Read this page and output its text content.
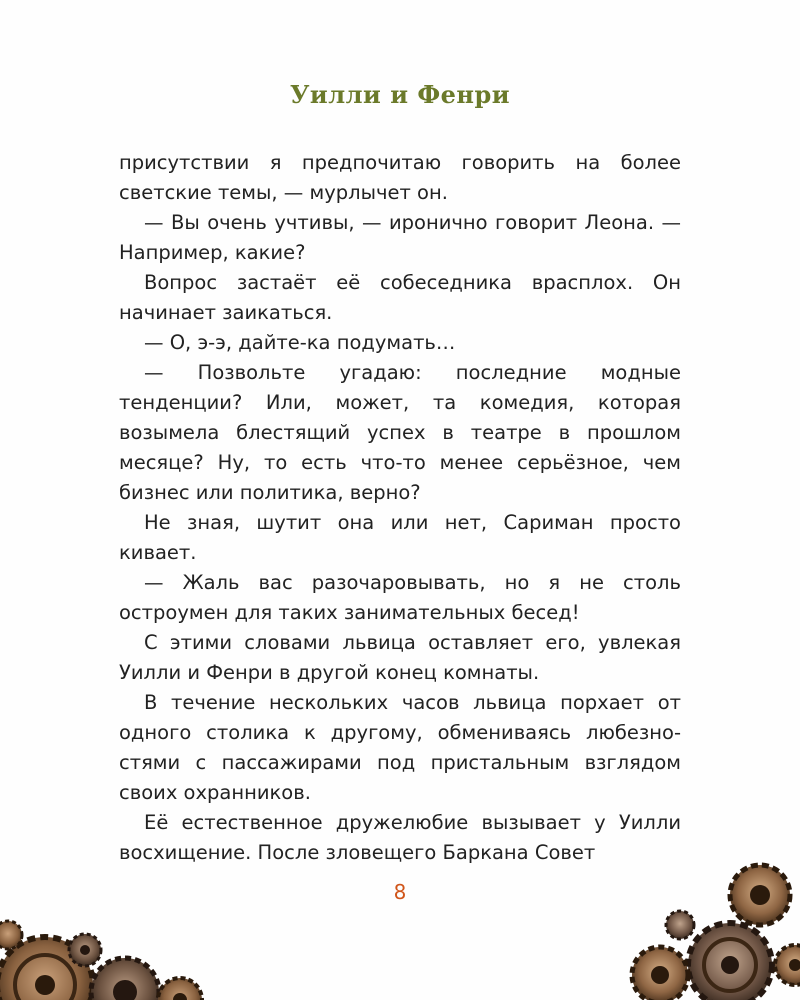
Уилли и Фенри

присутствии я предпочитаю говорить на более светские темы, — мурлычет он.

— Вы очень учтивы, — иронично говорит Леона. — Например, какие?

Вопрос застаёт её собеседника врасплох. Он начинает заикаться.

— О, э-э, дайте-ка подумать…

— Позвольте угадаю: последние модные тенденции? Или, может, та комедия, которая возымела блестящий успех в театре в прошлом месяце? Ну, то есть что-то менее серьёзное, чем бизнес или политика, верно?

Не зная, шутит она или нет, Сариман просто кивает.

— Жаль вас разочаровывать, но я не столь остроумен для таких занимательных бесед!

С этими словами львица оставляет его, увлекая Уилли и Фенри в другой конец комнаты.

В течение нескольких часов львица порхает от одного столика к другому, обмениваясь любезностями с пассажирами под пристальным взглядом своих охранников.

Её естественное дружелюбие вызывает у Уилли восхищение. После зловещего Баркана Совет

8
